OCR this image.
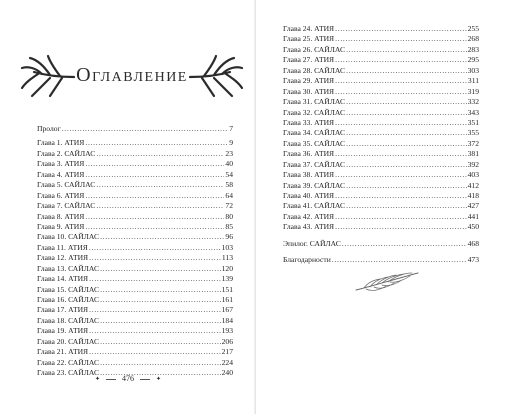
Оглавление
Пролог . . .	7
Глава 1. АТИЯ . . .	9
Глава 2. САЙЛАС . . .	23
Глава 3. АТИЯ . . .	40
Глава 4. АТИЯ . . .	54
Глава 5. САЙЛАС . . .	58
Глава 6. АТИЯ . . .	64
Глава 7. САЙЛАС . . .	72
Глава 8. АТИЯ . . .	80
Глава 9. АТИЯ . . .	85
Глава 10. САЙЛАС . . .	96
Глава 11. АТИЯ . . .	103
Глава 12. АТИЯ . . .	113
Глава 13. САЙЛАС . . .	120
Глава 14. АТИЯ . . .	139
Глава 15. САЙЛАС . . .	151
Глава 16. САЙЛАС . . .	161
Глава 17. АТИЯ . . .	167
Глава 18. САЙЛАС . . .	184
Глава 19. АТИЯ . . .	193
Глава 20. САЙЛАС . . .	206
Глава 21. АТИЯ . . .	217
Глава 22. САЙЛАС . . .	224
Глава 23. САЙЛАС . . .	240
✦	476	✦
Глава 24. АТИЯ . . .	255
Глава 25. АТИЯ . . .	268
Глава 26. САЙЛАС . . .	283
Глава 27. АТИЯ . . .	295
Глава 28. САЙЛАС . . .	303
Глава 29. АТИЯ . . .	311
Глава 30. АТИЯ . . .	319
Глава 31. САЙЛАС . . .	332
Глава 32. САЙЛАС . . .	343
Глава 33. АТИЯ . . .	351
Глава 34. САЙЛАС . . .	355
Глава 35. САЙЛАС . . .	372
Глава 36. АТИЯ . . .	381
Глава 37. САЙЛАС . . .	392
Глава 38. АТИЯ . . .	403
Глава 39. САЙЛАС . . .	412
Глава 40. АТИЯ . . .	418
Глава 41. САЙЛАС . . .	427
Глава 42. АТИЯ . . .	441
Глава 43. АТИЯ . . .	450
Эпилог. САЙЛАС . . .	468
Благодарности . . .	473
